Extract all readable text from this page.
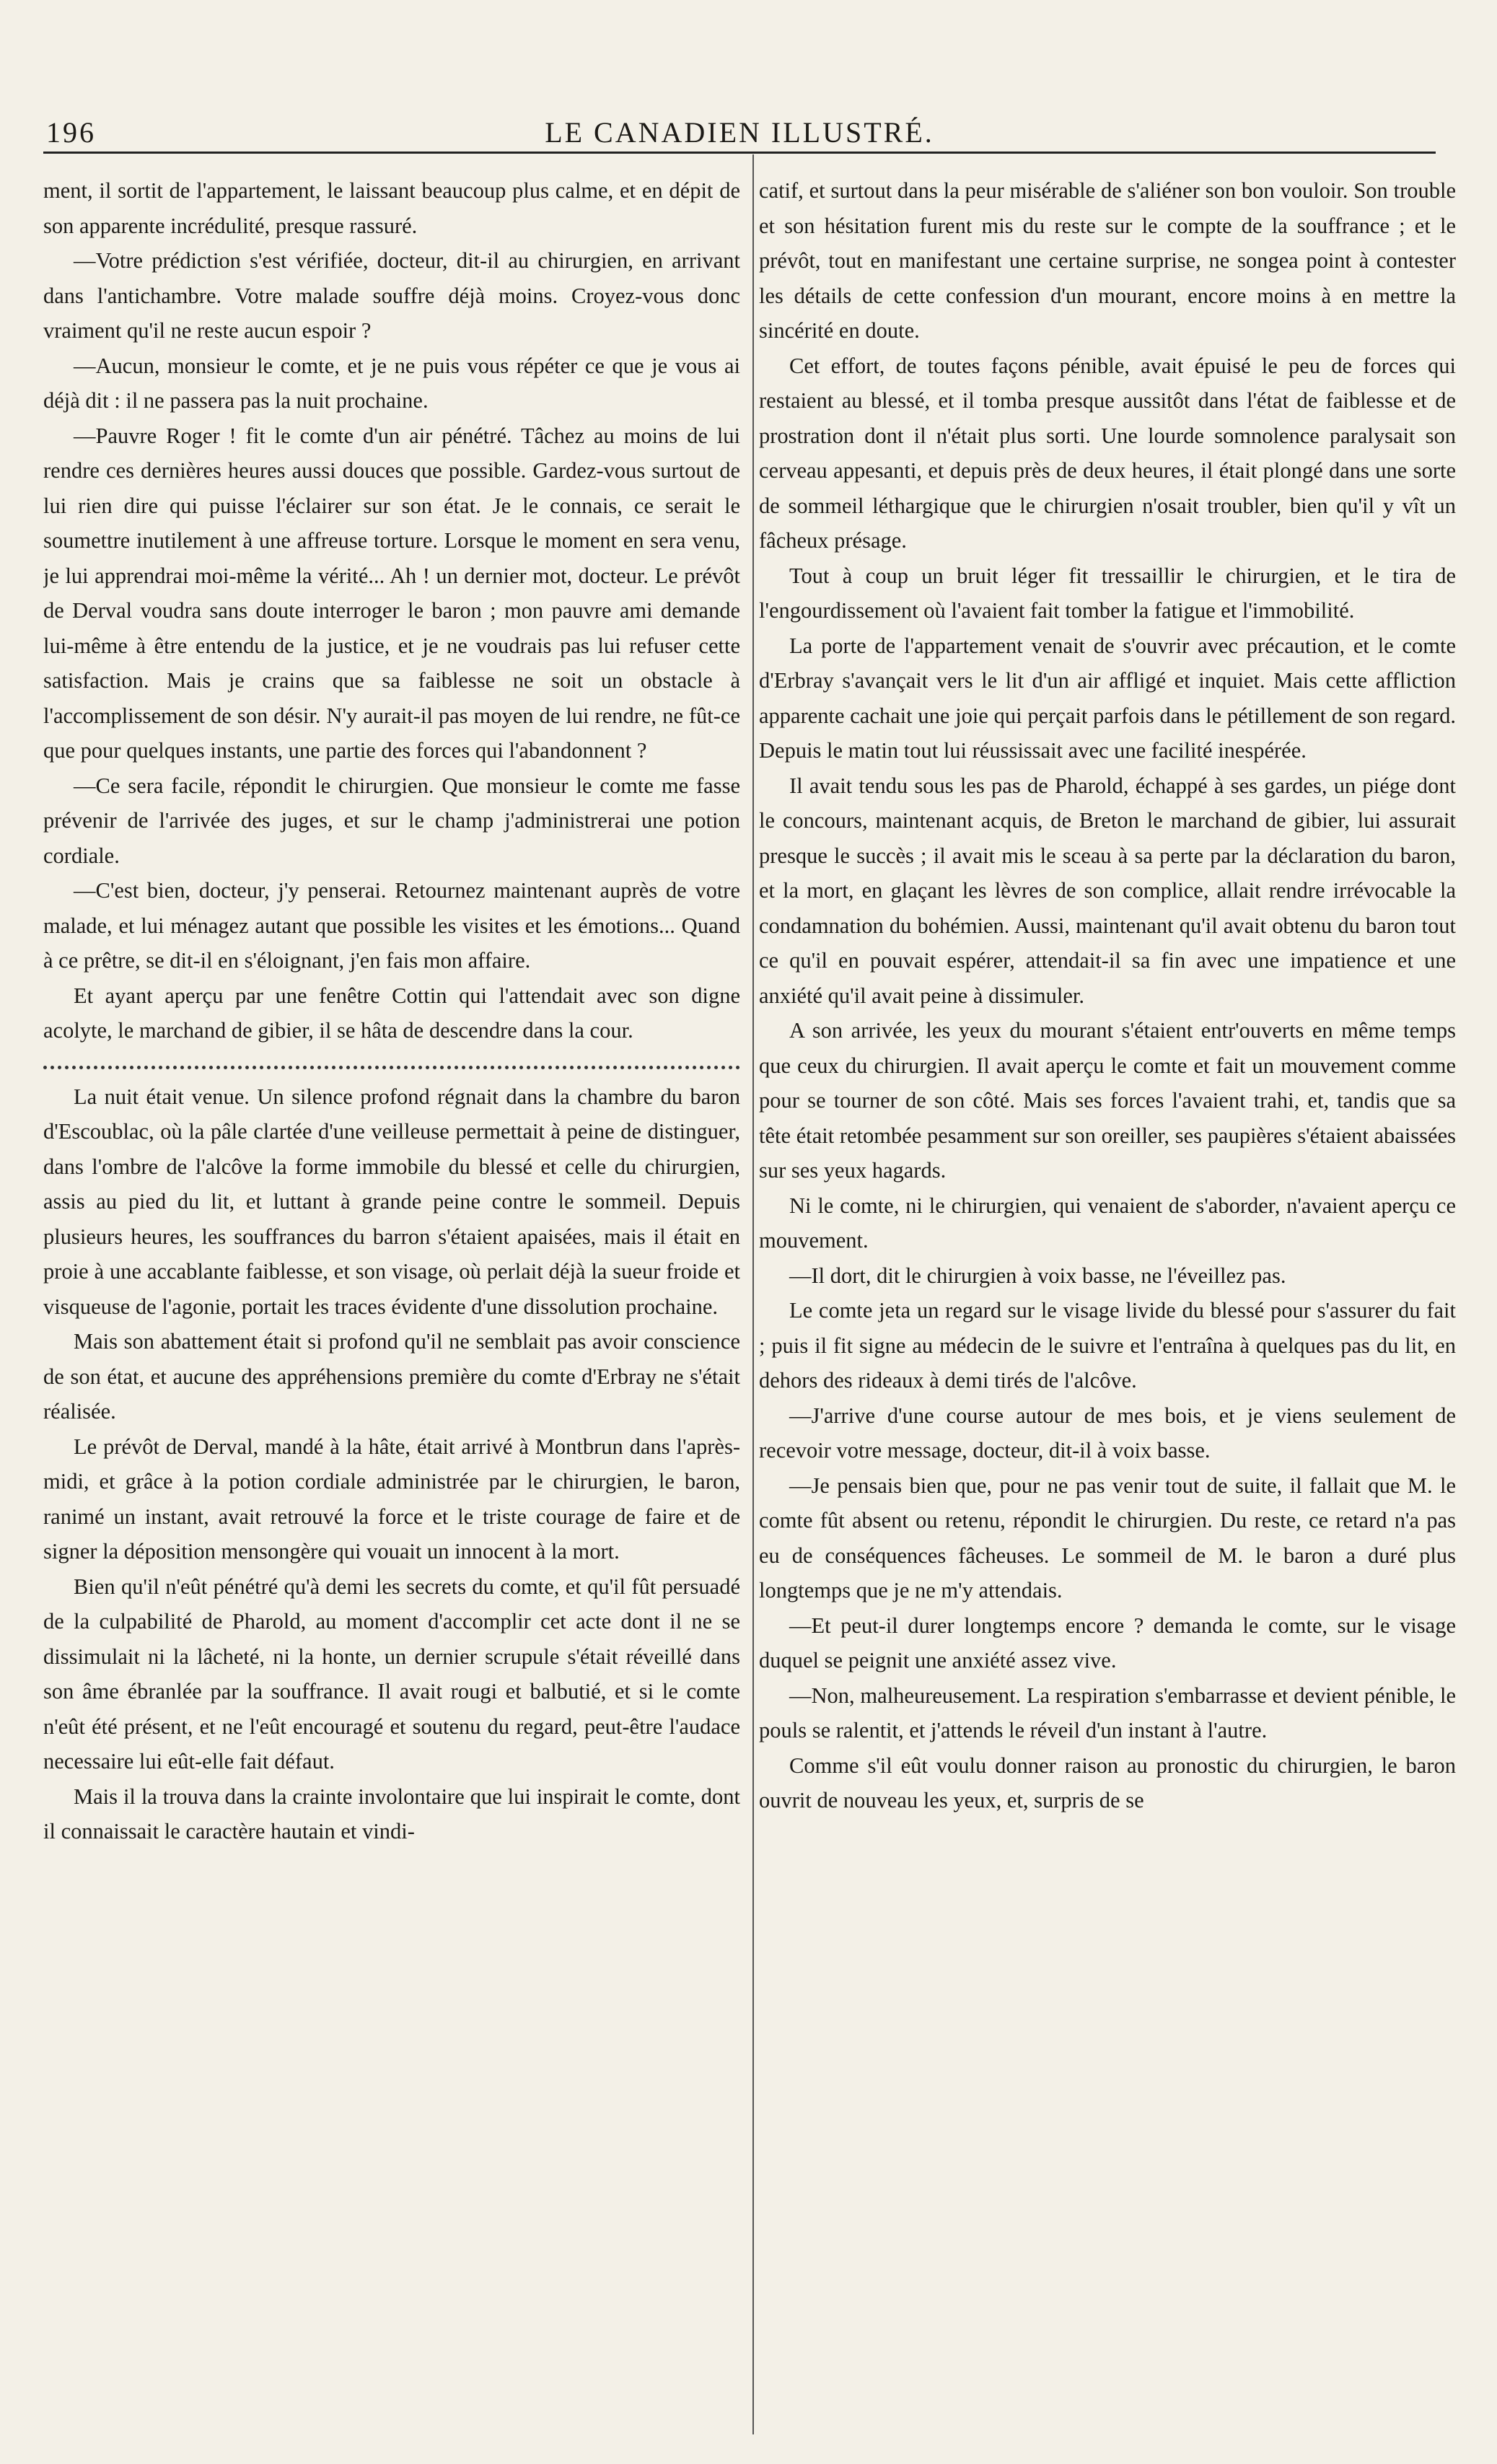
196	LE CANADIEN ILLUSTRÉ.

ment, il sortit de l'appartement, le laissant beaucoup plus calme, et en dépit de son apparente incrédulité, presque rassuré.

—Votre prédiction s'est vérifiée, docteur, dit-il au chirurgien, en arrivant dans l'antichambre. Votre malade souffre déjà moins. Croyez-vous donc vraiment qu'il ne reste aucun espoir ?

—Aucun, monsieur le comte, et je ne puis vous répéter ce que je vous ai déjà dit : il ne passera pas la nuit prochaine.

—Pauvre Roger ! fit le comte d'un air pénétré. Tâchez au moins de lui rendre ces dernières heures aussi douces que possible. Gardez-vous surtout de lui rien dire qui puisse l'éclairer sur son état. Je le connais, ce serait le soumettre inutilement à une affreuse torture. Lorsque le moment en sera venu, je lui apprendrai moi-même la vérité... Ah ! un dernier mot, docteur. Le prévôt de Derval voudra sans doute interroger le baron ; mon pauvre ami demande lui-même à être entendu de la justice, et je ne voudrais pas lui refuser cette satisfaction. Mais je crains que sa faiblesse ne soit un obstacle à l'accomplissement de son désir. N'y aurait-il pas moyen de lui rendre, ne fût-ce que pour quelques instants, une partie des forces qui l'abandonnent ?

—Ce sera facile, répondit le chirurgien. Que monsieur le comte me fasse prévenir de l'arrivée des juges, et sur le champ j'administrerai une potion cordiale.

—C'est bien, docteur, j'y penserai. Retournez maintenant auprès de votre malade, et lui ménagez autant que possible les visites et les émotions... Quand à ce prêtre, se dit-il en s'éloignant, j'en fais mon affaire.

Et ayant aperçu par une fenêtre Cottin qui l'attendait avec son digne acolyte, le marchand de gibier, il se hâta de descendre dans la cour.

La nuit était venue. Un silence profond régnait dans la chambre du baron d'Escoublac, où la pâle clartée d'une veilleuse permettait à peine de distinguer, dans l'ombre de l'alcôve la forme immobile du blessé et celle du chirurgien, assis au pied du lit, et luttant à grande peine contre le sommeil. Depuis plusieurs heures, les souffrances du barron s'étaient apaisées, mais il était en proie à une accablante faiblesse, et son visage, où perlait déjà la sueur froide et visqueuse de l'agonie, portait les traces évidente d'une dissolution prochaine.

Mais son abattement était si profond qu'il ne semblait pas avoir conscience de son état, et aucune des appréhensions première du comte d'Erbray ne s'était réalisée.

Le prévôt de Derval, mandé à la hâte, était arrivé à Montbrun dans l'après-midi, et grâce à la potion cordiale administrée par le chirurgien, le baron, ranimé un instant, avait retrouvé la force et le triste courage de faire et de signer la déposition mensongère qui vouait un innocent à la mort.

Bien qu'il n'eût pénétré qu'à demi les secrets du comte, et qu'il fût persuadé de la culpabilité de Pharold, au moment d'accomplir cet acte dont il ne se dissimulait ni la lâcheté, ni la honte, un dernier scrupule s'était réveillé dans son âme ébranlée par la souffrance. Il avait rougi et balbutié, et si le comte n'eût été présent, et ne l'eût encouragé et soutenu du regard, peut-être l'audace necessaire lui eût-elle fait défaut.

Mais il la trouva dans la crainte involontaire que lui inspirait le comte, dont il connaissait le caractère hautain et vindi-

catif, et surtout dans la peur misérable de s'aliéner son bon vouloir. Son trouble et son hésitation furent mis du reste sur le compte de la souffrance ; et le prévôt, tout en manifestant une certaine surprise, ne songea point à contester les détails de cette confession d'un mourant, encore moins à en mettre la sincérité en doute.

Cet effort, de toutes façons pénible, avait épuisé le peu de forces qui restaient au blessé, et il tomba presque aussitôt dans l'état de faiblesse et de prostration dont il n'était plus sorti. Une lourde somnolence paralysait son cerveau appesanti, et depuis près de deux heures, il était plongé dans une sorte de sommeil léthargique que le chirurgien n'osait troubler, bien qu'il y vît un fâcheux présage.

Tout à coup un bruit léger fit tressaillir le chirurgien, et le tira de l'engourdissement où l'avaient fait tomber la fatigue et l'immobilité.

La porte de l'appartement venait de s'ouvrir avec précaution, et le comte d'Erbray s'avançait vers le lit d'un air affligé et inquiet. Mais cette affliction apparente cachait une joie qui perçait parfois dans le pétillement de son regard. Depuis le matin tout lui réussissait avec une facilité inespérée.

Il avait tendu sous les pas de Pharold, échappé à ses gardes, un piége dont le concours, maintenant acquis, de Breton le marchand de gibier, lui assurait presque le succès ; il avait mis le sceau à sa perte par la déclaration du baron, et la mort, en glaçant les lèvres de son complice, allait rendre irrévocable la condamnation du bohémien. Aussi, maintenant qu'il avait obtenu du baron tout ce qu'il en pouvait espérer, attendait-il sa fin avec une impatience et une anxiété qu'il avait peine à dissimuler.

A son arrivée, les yeux du mourant s'étaient entr'ouverts en même temps que ceux du chirurgien. Il avait aperçu le comte et fait un mouvement comme pour se tourner de son côté. Mais ses forces l'avaient trahi, et, tandis que sa tête était retombée pesamment sur son oreiller, ses paupières s'étaient abaissées sur ses yeux hagards.

Ni le comte, ni le chirurgien, qui venaient de s'aborder, n'avaient aperçu ce mouvement.

—Il dort, dit le chirurgien à voix basse, ne l'éveillez pas.

Le comte jeta un regard sur le visage livide du blessé pour s'assurer du fait ; puis il fit signe au médecin de le suivre et l'entraîna à quelques pas du lit, en dehors des rideaux à demi tirés de l'alcôve.

—J'arrive d'une course autour de mes bois, et je viens seulement de recevoir votre message, docteur, dit-il à voix basse.

—Je pensais bien que, pour ne pas venir tout de suite, il fallait que M. le comte fût absent ou retenu, répondit le chirurgien. Du reste, ce retard n'a pas eu de conséquences fâcheuses. Le sommeil de M. le baron a duré plus longtemps que je ne m'y attendais.

—Et peut-il durer longtemps encore ? demanda le comte, sur le visage duquel se peignit une anxiété assez vive.

—Non, malheureusement. La respiration s'embarrasse et devient pénible, le pouls se ralentit, et j'attends le réveil d'un instant à l'autre.

Comme s'il eût voulu donner raison au pronostic du chirurgien, le baron ouvrit de nouveau les yeux, et, surpris de se
